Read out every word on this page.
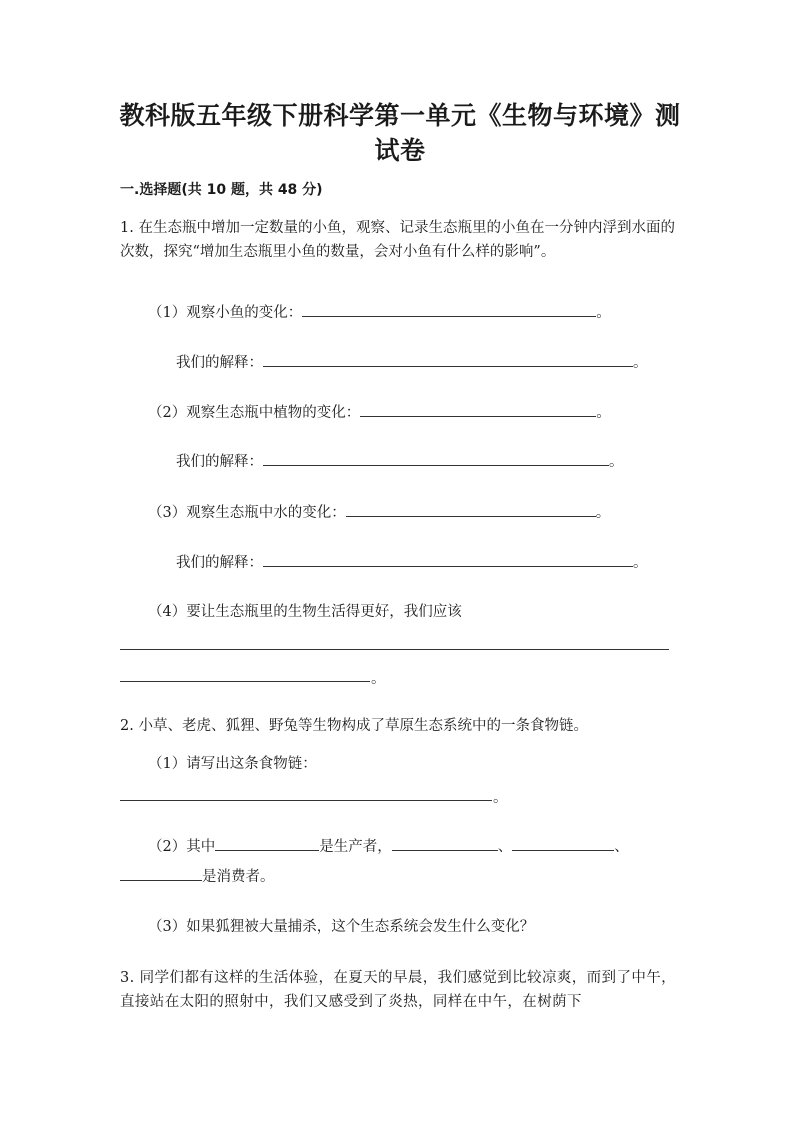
教科版五年级下册科学第一单元《生物与环境》测
试卷
一.选择题(共 10 题，共 48 分)
1. 在生态瓶中增加一定数量的小鱼，观察、记录生态瓶里的小鱼在一分钟内浮到水面的次数，探究“增加生态瓶里小鱼的数量，会对小鱼有什么样的影响”。
（1）观察小鱼的变化：	。
我们的解释：	。
（2）观察生态瓶中植物的变化：	。
我们的解释：	。
（3）观察生态瓶中水的变化：	。
我们的解释：	。
（4）要让生态瓶里的生物生活得更好，我们应该
。
2. 小草、老虎、狐狸、野兔等生物构成了草原生态系统中的一条食物链。
（1）请写出这条食物链：
。
（2）其中	是生产者，	、	、
是消费者。
（3）如果狐狸被大量捕杀，这个生态系统会发生什么变化？
3. 同学们都有这样的生活体验，在夏天的早晨，我们感觉到比较凉爽，而到了中午，直接站在太阳的照射中，我们又感受到了炎热，同样在中午，在树荫下
